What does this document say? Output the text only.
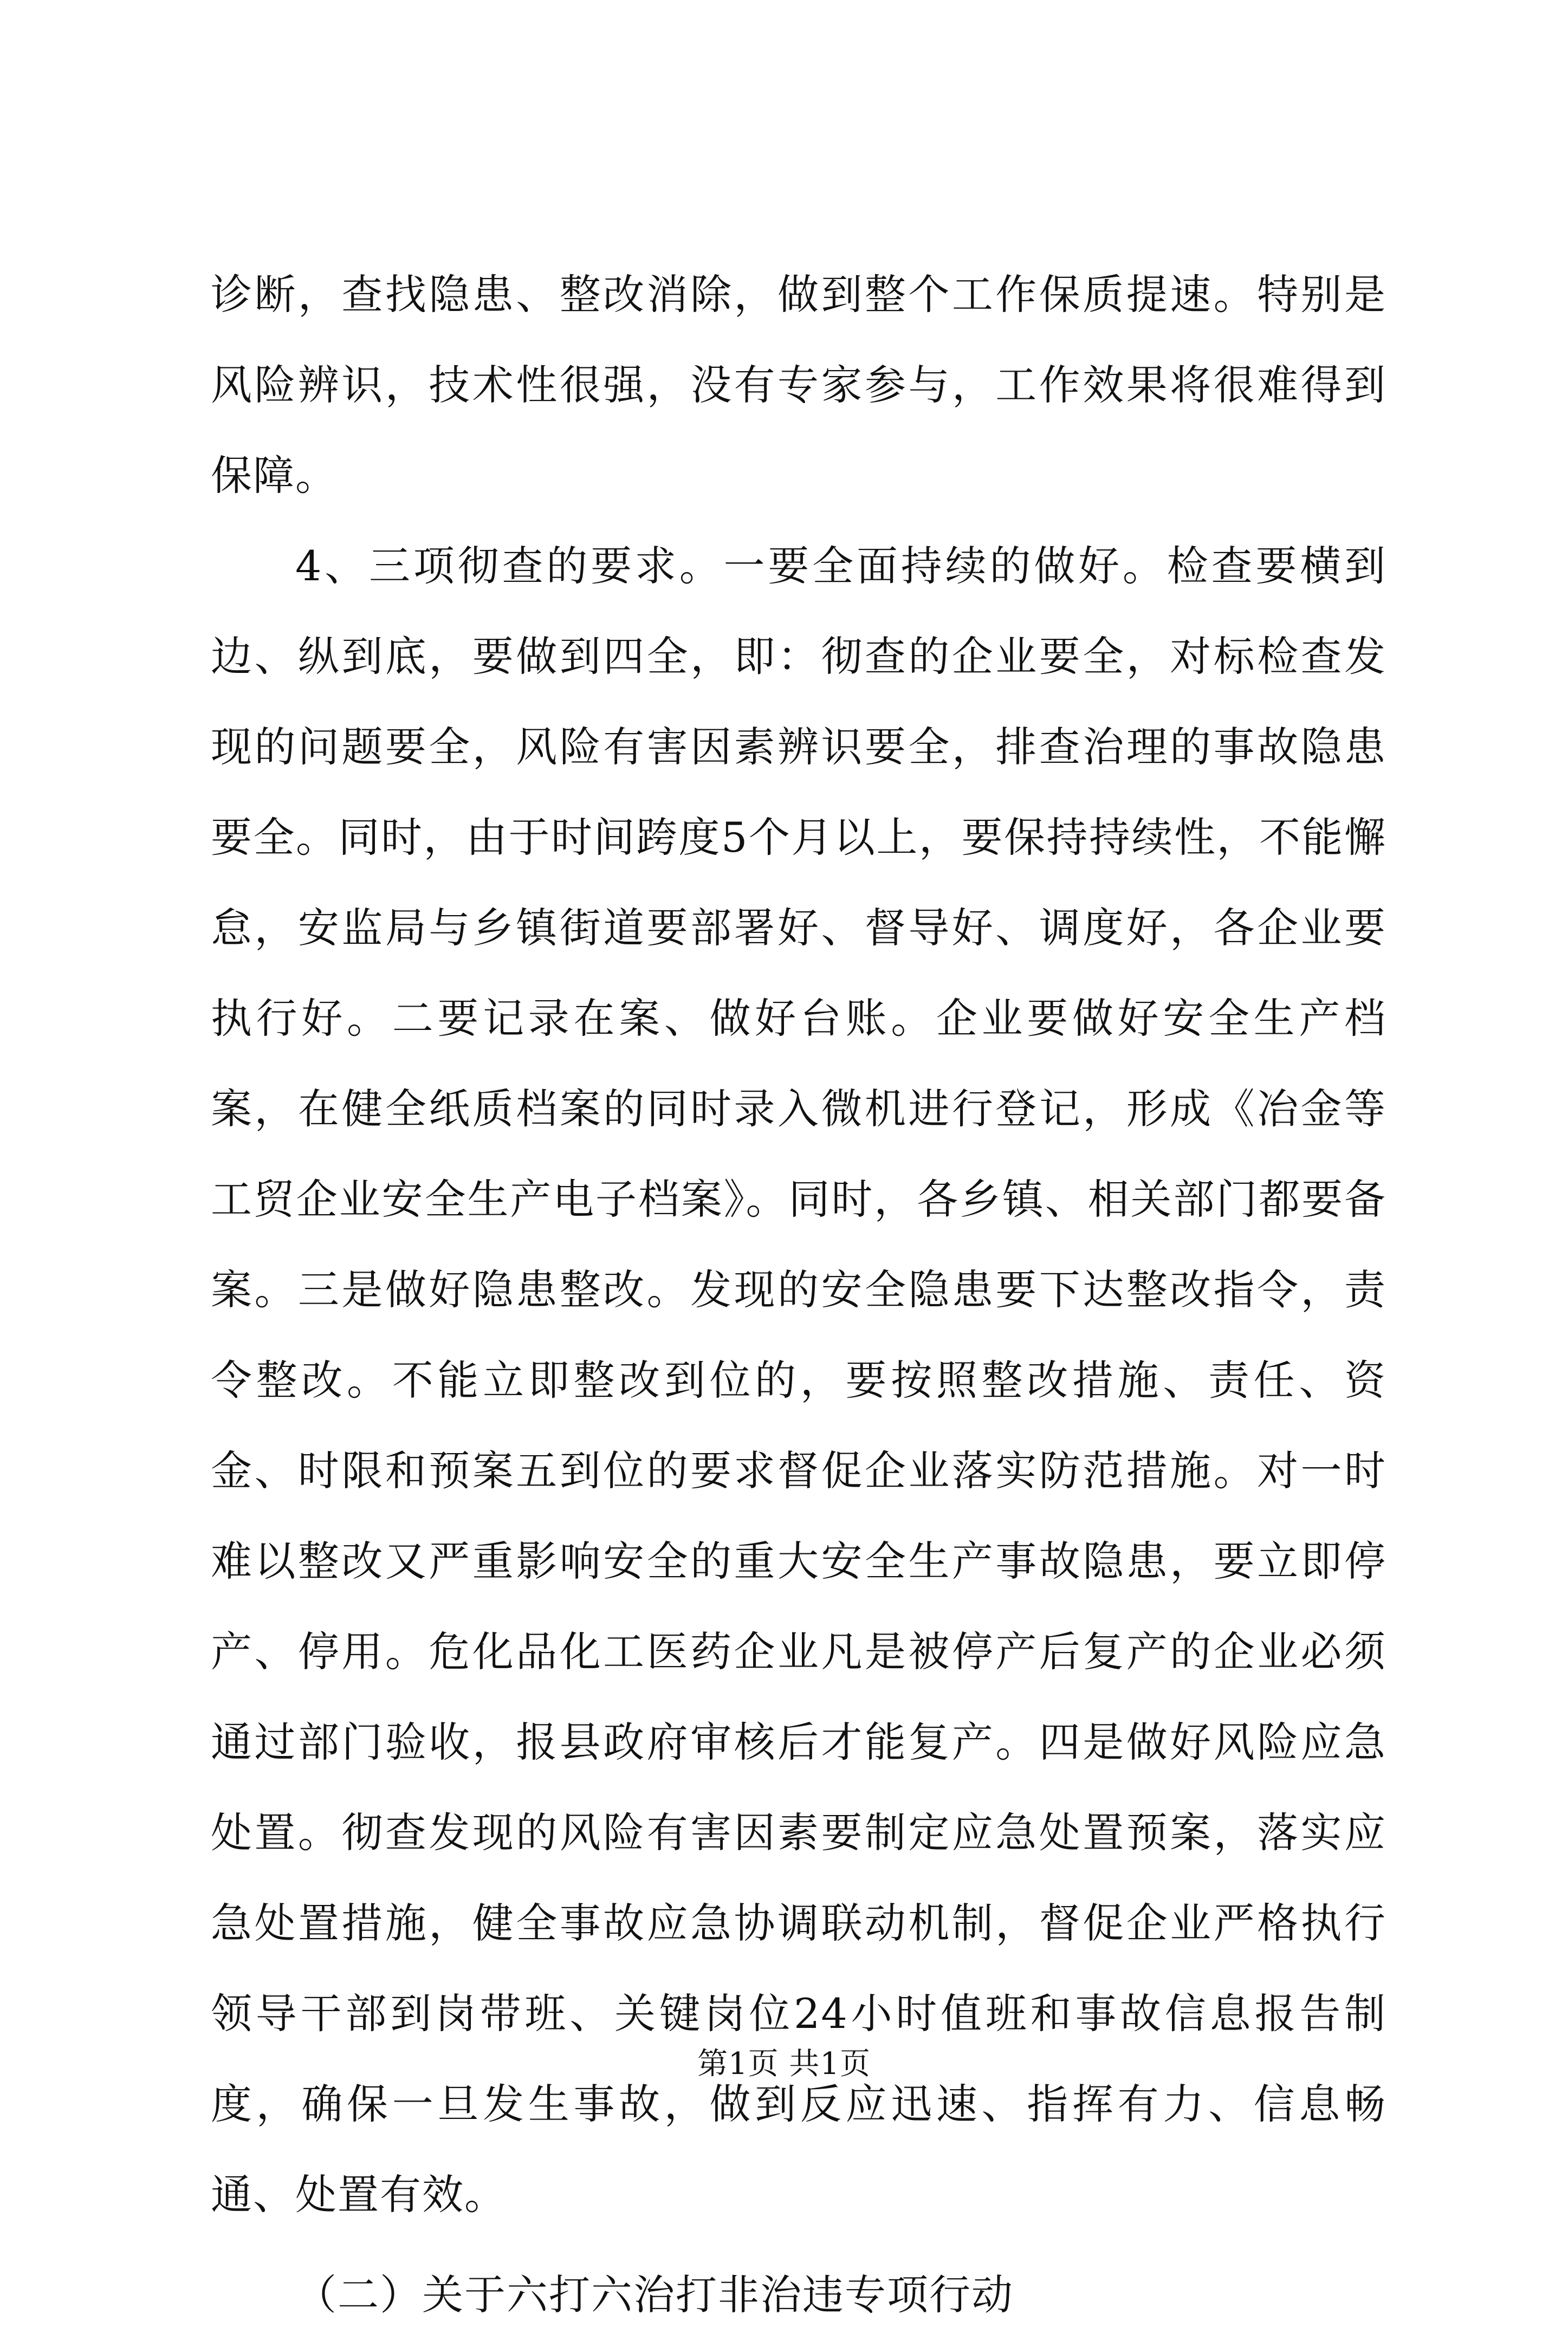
诊断，查找隐患、整改消除，做到整个工作保质提速。特别是风险辨识，技术性很强，没有专家参与，工作效果将很难得到保障。

4、三项彻查的要求。一要全面持续的做好。检查要横到边、纵到底，要做到四全，即：彻查的企业要全，对标检查发现的问题要全，风险有害因素辨识要全，排查治理的事故隐患要全。同时，由于时间跨度5个月以上，要保持持续性，不能懈怠，安监局与乡镇街道要部署好、督导好、调度好，各企业要执行好。二要记录在案、做好台账。企业要做好安全生产档案，在健全纸质档案的同时录入微机进行登记，形成《冶金等工贸企业安全生产电子档案》。同时，各乡镇、相关部门都要备案。三是做好隐患整改。发现的安全隐患要下达整改指令，责令整改。不能立即整改到位的，要按照整改措施、责任、资金、时限和预案五到位的要求督促企业落实防范措施。对一时难以整改又严重影响安全的重大安全生产事故隐患，要立即停产、停用。危化品化工医药企业凡是被停产后复产的企业必须通过部门验收，报县政府审核后才能复产。四是做好风险应急处置。彻查发现的风险有害因素要制定应急处置预案，落实应急处置措施，健全事故应急协调联动机制，督促企业严格执行领导干部到岗带班、关键岗位24小时值班和事故信息报告制度，确保一旦发生事故，做到反应迅速、指挥有力、信息畅通、处置有效。

（二）关于六打六治打非治违专项行动

第1页 共1页
